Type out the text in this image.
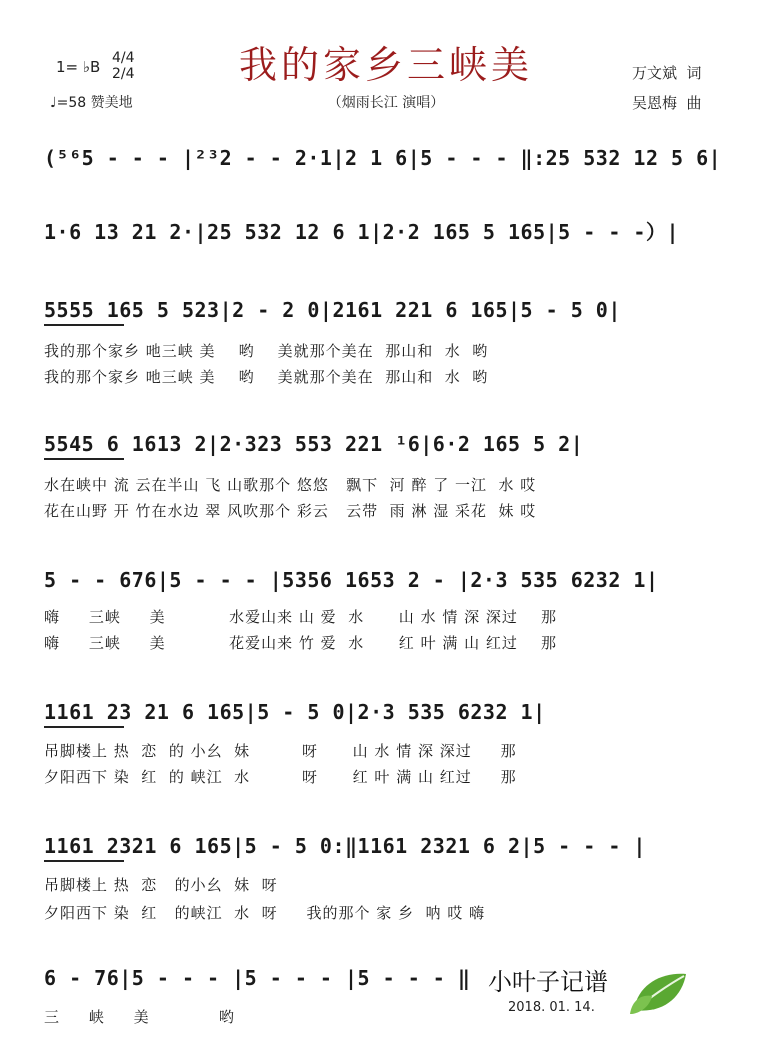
1= ♭B 4/4 2/4
♩=58 赞美地
我的家乡三峡美
（烟雨长江 演唱）
万文斌  词
吴恩梅  曲
(⁵⁶5 - - - |²³2 - - 2·1|2 1 6|5 - - - ‖:25 532 12 5 6|
1·6 13 21 2·|25 532 12 6 1|2·2 165 5 165|5 - - -）|
5555 165 5 523|2 - 2 0|2161 221 6 165|5 - 5 0|
我的那个家乡 吔三峡 美    哟    美就那个美在  那山和  水  哟
我的那个家乡 吔三峡 美    哟    美就那个美在  那山和  水  哟
5545 6 1613 2|2·323 553 221 ¹6|6·2 165 5 2|
水在峡中 流 云在半山 飞 山歌那个 悠悠   飘下  河 醉 了 一江  水 哎
花在山野 开 竹在水边 翠 风吹那个 彩云   云带  雨 淋 湿 采花  妹 哎
5 - - 676|5 - - - |5356 1653 2 - |2·3 535 6232 1|
嗨     三峡     美           水爱山来 山 爱  水      山 水 情 深 深过    那
嗨     三峡     美           花爱山来 竹 爱  水      红 叶 满 山 红过    那
1161 23 21 6 165|5 - 5 0|2·3 535 6232 1|
吊脚楼上 热  恋  的 小幺  妹         呀      山 水 情 深 深过     那
夕阳西下 染  红  的 峡江  水         呀      红 叶 满 山 红过     那
1161 2321 6 165|5 - 5 0:‖1161 2321 6 2|5 - - - |
吊脚楼上 热  恋   的小幺  妹  呀
夕阳西下 染  红   的峡江  水  呀     我的那个 家 乡  呐 哎 嗨
6 - 76|5 - - - |5 - - - |5 - - - ‖
三     峡     美            哟
小叶子记谱
2018. 01. 14.
